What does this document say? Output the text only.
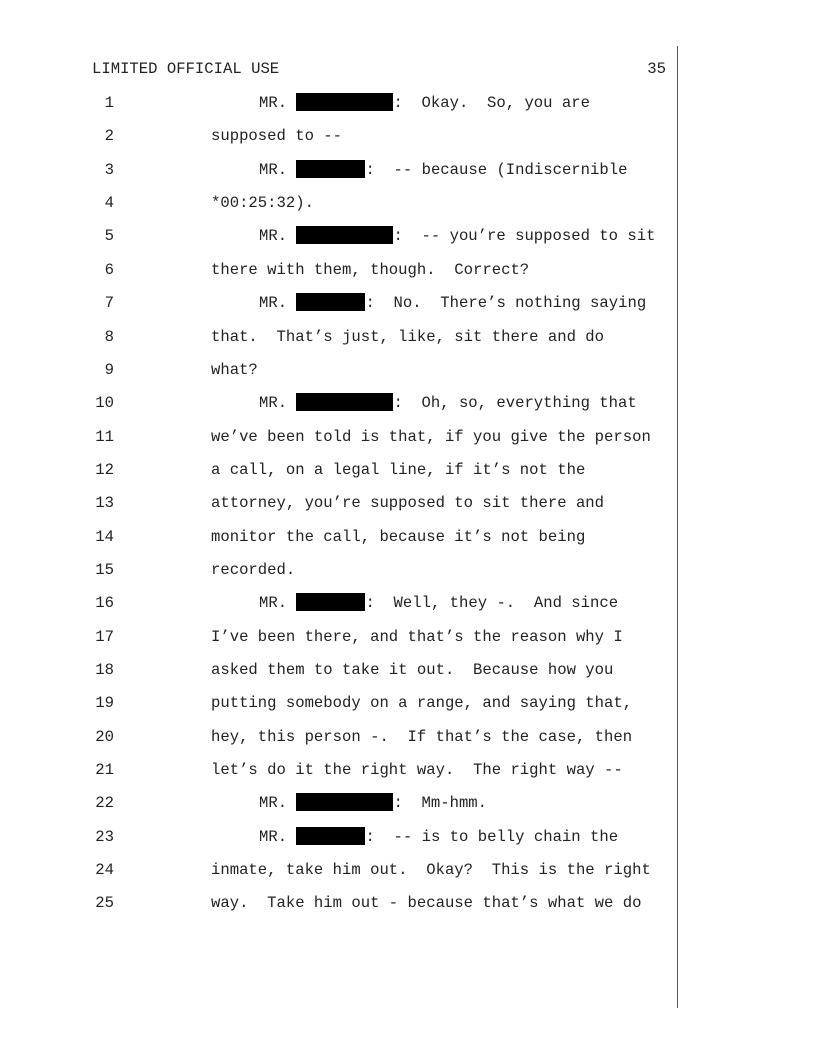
LIMITED OFFICIAL USE	35
1	MR.	:  Okay.  So, you are
2	supposed to --
3	MR.	:  -- because (Indiscernible
4	*00:25:32).
5	MR.	:  -- you’re supposed to sit
6	there with them, though.  Correct?
7	MR.	:  No.  There’s nothing saying
8	that.  That’s just, like, sit there and do
9	what?
10	MR.	:  Oh, so, everything that
11	we’ve been told is that, if you give the person
12	a call, on a legal line, if it’s not the
13	attorney, you’re supposed to sit there and
14	monitor the call, because it’s not being
15	recorded.
16	MR.	:  Well, they -.  And since
17	I’ve been there, and that’s the reason why I
18	asked them to take it out.  Because how you
19	putting somebody on a range, and saying that,
20	hey, this person -.  If that’s the case, then
21	let’s do it the right way.  The right way --
22	MR.	:  Mm-hmm.
23	MR.	:  -- is to belly chain the
24	inmate, take him out.  Okay?  This is the right
25	way.  Take him out - because that’s what we do
